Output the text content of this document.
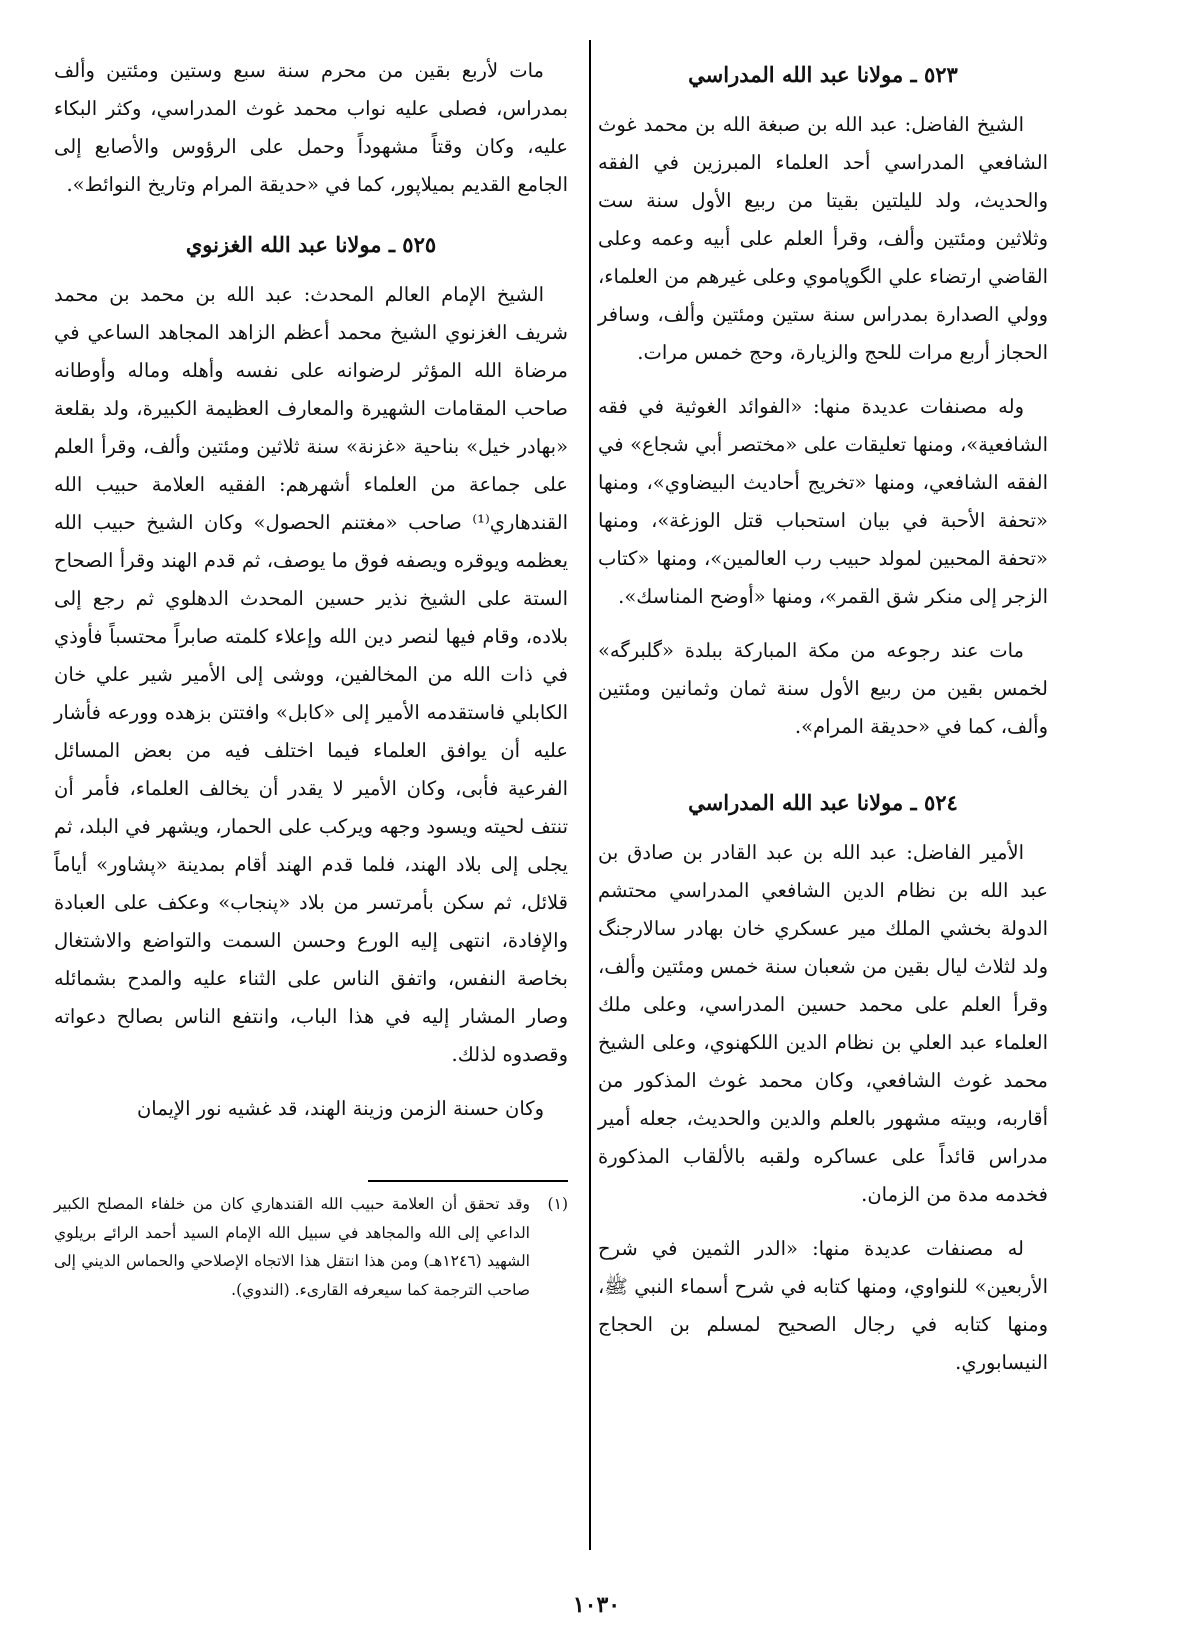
٥٢٣ ـ مولانا عبد الله المدراسي

الشيخ الفاضل: عبد الله بن صبغة الله بن محمد غوث الشافعي المدراسي أحد العلماء المبرزين في الفقه والحديث، ولد لليلتين بقيتا من ربيع الأول سنة ست وثلاثين ومئتين وألف، وقرأ العلم على أبيه وعمه وعلى القاضي ارتضاء علي الگوپاموي وعلى غيرهم من العلماء، وولي الصدارة بمدراس سنة ستين ومئتين وألف، وسافر الحجاز أربع مرات للحج والزيارة، وحج خمس مرات.

وله مصنفات عديدة منها: «الفوائد الغوثية في فقه الشافعية»، ومنها تعليقات على «مختصر أبي شجاع» في الفقه الشافعي، ومنها «تخريج أحاديث البيضاوي»، ومنها «تحفة الأحبة في بيان استحباب قتل الوزغة»، ومنها «تحفة المحبين لمولد حبيب رب العالمين»، ومنها «كتاب الزجر إلى منكر شق القمر»، ومنها «أوضح المناسك».

مات عند رجوعه من مكة المباركة ببلدة «گلبرگه» لخمس بقين من ربيع الأول سنة ثمان وثمانين ومئتين وألف، كما في «حديقة المرام».

٥٢٤ ـ مولانا عبد الله المدراسي

الأمير الفاضل: عبد الله بن عبد القادر بن صادق بن عبد الله بن نظام الدين الشافعي المدراسي محتشم الدولة بخشي الملك مير عسكري خان بهادر سالارجنگ ولد لثلاث ليال بقين من شعبان سنة خمس ومئتين وألف، وقرأ العلم على محمد حسين المدراسي، وعلى ملك العلماء عبد العلي بن نظام الدين اللكهنوي، وعلى الشيخ محمد غوث الشافعي، وكان محمد غوث المذكور من أقاربه، وبيته مشهور بالعلم والدين والحديث، جعله أمير مدراس قائداً على عساكره ولقبه بالألقاب المذكورة فخدمه مدة من الزمان.

له مصنفات عديدة منها: «الدر الثمين في شرح الأربعين» للنواوي، ومنها كتابه في شرح أسماء النبي ﷺ، ومنها كتابه في رجال الصحيح لمسلم بن الحجاج النيسابوري.

مات لأربع بقين من محرم سنة سبع وستين ومئتين وألف بمدراس، فصلى عليه نواب محمد غوث المدراسي، وكثر البكاء عليه، وكان وقتاً مشهوداً وحمل على الرؤوس والأصابع إلى الجامع القديم بميلاپور، كما في «حديقة المرام وتاريخ النوائط».

٥٢٥ ـ مولانا عبد الله الغزنوي

الشيخ الإمام العالم المحدث: عبد الله بن محمد بن محمد شريف الغزنوي الشيخ محمد أعظم الزاهد المجاهد الساعي في مرضاة الله المؤثر لرضوانه على نفسه وأهله وماله وأوطانه صاحب المقامات الشهيرة والمعارف العظيمة الكبيرة، ولد بقلعة «بهادر خيل» بناحية «غزنة» سنة ثلاثين ومئتين وألف، وقرأ العلم على جماعة من العلماء أشهرهم: الفقيه العلامة حبيب الله القندهاري⁽¹⁾ صاحب «مغتنم الحصول» وكان الشيخ حبيب الله يعظمه ويوقره ويصفه فوق ما يوصف، ثم قدم الهند وقرأ الصحاح الستة على الشيخ نذير حسين المحدث الدهلوي ثم رجع إلى بلاده، وقام فيها لنصر دين الله وإعلاء كلمته صابراً محتسباً فأوذي في ذات الله من المخالفين، ووشى إلى الأمير شير علي خان الكابلي فاستقدمه الأمير إلى «كابل» وافتتن بزهده وورعه فأشار عليه أن يوافق العلماء فيما اختلف فيه من بعض المسائل الفرعية فأبى، وكان الأمير لا يقدر أن يخالف العلماء، فأمر أن تنتف لحيته ويسود وجهه ويركب على الحمار، ويشهر في البلد، ثم يجلى إلى بلاد الهند، فلما قدم الهند أقام بمدينة «پشاور» أياماً قلائل، ثم سكن بأمرتسر من بلاد «پنجاب» وعكف على العبادة والإفادة، انتهى إليه الورع وحسن السمت والتواضع والاشتغال بخاصة النفس، واتفق الناس على الثناء عليه والمدح بشمائله وصار المشار إليه في هذا الباب، وانتفع الناس بصالح دعواته وقصدوه لذلك.

وكان حسنة الزمن وزينة الهند، قد غشيه نور الإيمان

(١)
وقد تحقق أن العلامة حبيب الله القندهاري كان من خلفاء المصلح الكبير الداعي إلى الله والمجاهد في سبيل الله الإمام السيد أحمد الرائے بريلوي الشهيد (١٢٤٦هـ) ومن هذا انتقل هذا الاتجاه الإصلاحي والحماس الديني إلى صاحب الترجمة كما سيعرفه القارىء. (الندوي).
١٠٣٠
